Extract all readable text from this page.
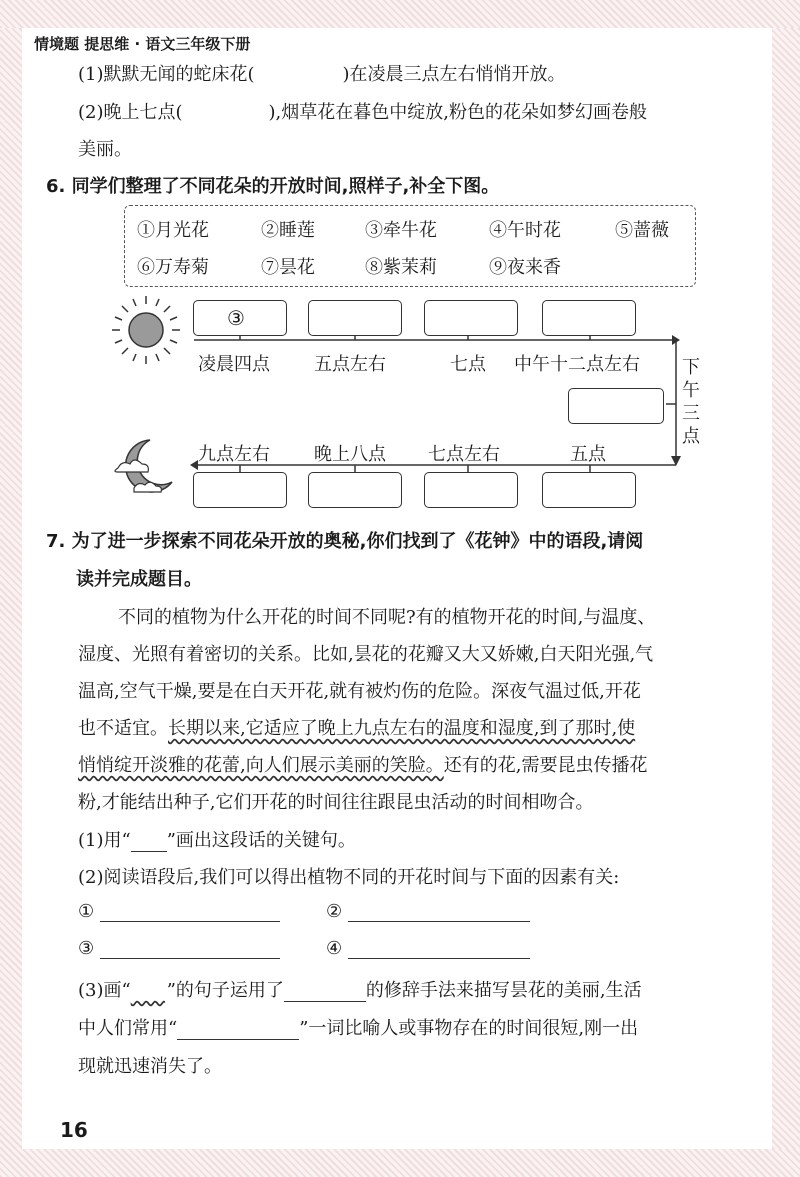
情境题 提思维 · 语文三年级下册
(1)默默无闻的蛇床花(	)在凌晨三点左右悄悄开放。
(2)晚上七点(	),烟草花在暮色中绽放,粉色的花朵如梦幻画卷般
美丽。
6. 同学们整理了不同花朵的开放时间,照样子,补全下图。
①月光花	②睡莲	③牵牛花	④午时花	⑤蔷薇
⑥万寿菊	⑦昙花	⑧紫茉莉	⑨夜来香
③
凌晨四点 五点左右	七点 中午十二点左右 下午三点
九点左右 晚上八点 七点左右	五点
7. 为了进一步探索不同花朵开放的奥秘,你们找到了《花钟》中的语段,请阅
读并完成题目。
不同的植物为什么开花的时间不同呢?有的植物开花的时间,与温度、
湿度、光照有着密切的关系。比如,昙花的花瓣又大又娇嫩,白天阳光强,气
温高,空气干燥,要是在白天开花,就有被灼伤的危险。深夜气温过低,开花
也不适宜。长期以来,它适应了晚上九点左右的温度和湿度,到了那时,使
悄悄绽开淡雅的花蕾,向人们展示美丽的笑脸。还有的花,需要昆虫传播花
粉,才能结出种子,它们开花的时间往往跟昆虫活动的时间相吻合。
(1)用“ ”画出这段话的关键句。
(2)阅读语段后,我们可以得出植物不同的开花时间与下面的因素有关:
①	②
③	④
(3)画“​      ”的句子运用了	的修辞手法来描写昙花的美丽,生活
中人们常用“	”一词比喻人或事物存在的时间很短,刚一出
现就迅速消失了。
16
